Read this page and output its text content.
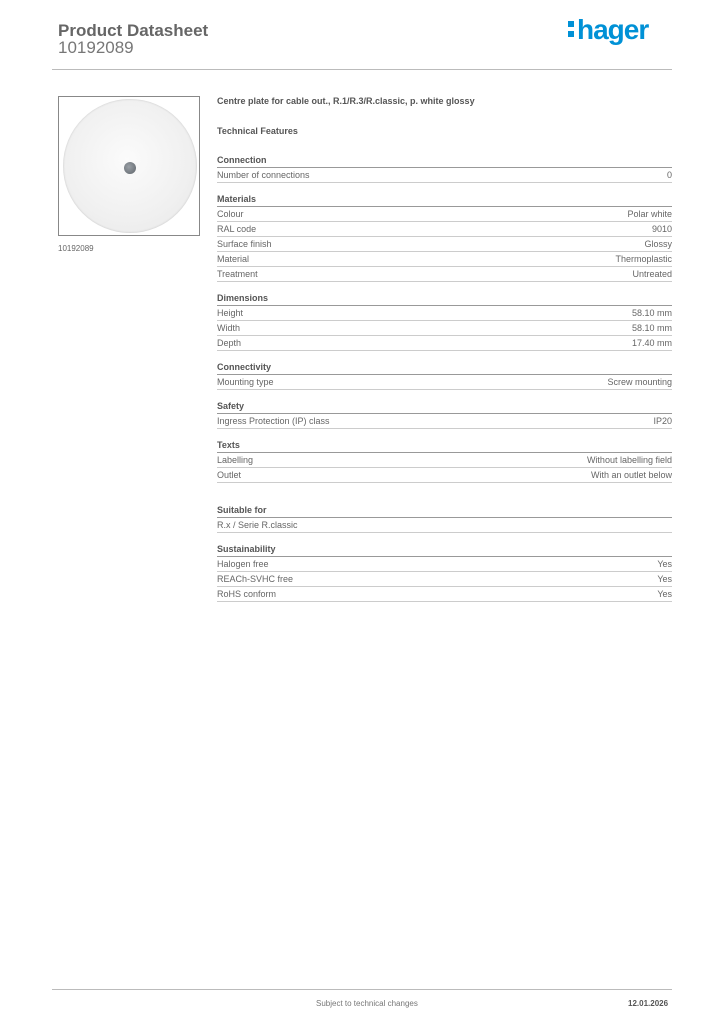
Product Datasheet
10192089
hager
10192089
Centre plate for cable out., R.1/R.3/R.classic, p. white glossy
Technical Features
Connection
Number of connections	0
Materials
Colour	Polar white
RAL code	9010
Surface finish	Glossy
Material	Thermoplastic
Treatment	Untreated
Dimensions
Height	58.10 mm
Width	58.10 mm
Depth	17.40 mm
Connectivity
Mounting type	Screw mounting
Safety
Ingress Protection (IP) class	IP20
Texts
Labelling	Without labelling field
Outlet	With an outlet below
Suitable for
R.x / Serie R.classic
Sustainability
Halogen free	Yes
REACh-SVHC free	Yes
RoHS conform	Yes
Subject to technical changes	12.01.2026
